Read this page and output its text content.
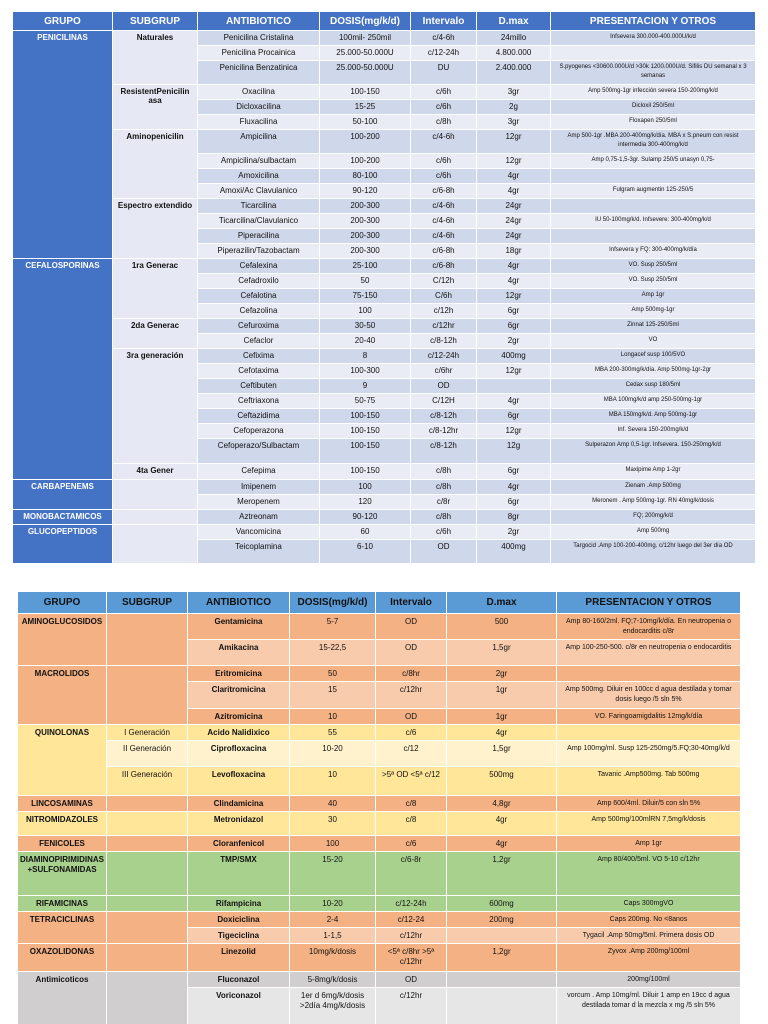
GRUPO	SUBGRUP	ANTIBIOTICO	DOSIS(mg/k/d)	Intervalo	D.max	PRESENTACION Y OTROS
PENICILINAS	Naturales	Penicilina Cristalina	100mil- 250mil	c/4-6h	24millo	Infsevera 300.000-400.000U/k/d
		Penicilina Procainica	25.000-50.000U	c/12-24h	4.800.000	
		Penicilina Benzatinica	25.000-50.000U	DU	2.400.000	S.pyogenes <30600.000U/d >30k 1200.000U/d. Sifilis DU semanal x 3 semanas
	ResistentPenicilin asa	Oxacilina	100-150	c/6h	3gr	Amp 500mg-1gr infección severa 150-200mg/k/d
		Dicloxacilina	15-25	c/6h	2g	Dicloxil 250/5ml
		Fluxacilina	50-100	c/8h	3gr	Floxapen 250/5ml
	Aminopenicilin	Ampicilina	100-200	c/4-6h	12gr	Amp 500-1gr .MBA 200-400mg/k/día. MBA x S.pneum con resist intermedia 300-400mg/k/d
		Ampicilina/sulbactam	100-200	c/6h	12gr	Amp 0,75-1,5-3gr. Sulamp 250/5 unasyn 0,75-
		Amoxicilina	80-100	c/6h	4gr	
		Amoxi/Ac Clavulanico	90-120	c/6-8h	4gr	Fulgram augmentin 125-250/5
	Espectro extendido	Ticarcilina	200-300	c/4-6h	24gr	
		Ticarcilina/Clavulanico	200-300	c/4-6h	24gr	IU 50-100mg/k/d. Infsevere: 300-400mg/k/d
		Piperacilina	200-300	c/4-6h	24gr	
		Piperazilin/Tazobactam	200-300	c/6-8h	18gr	Infsevera y FQ: 300-400mg/k/día
CEFALOSPORINAS	1ra Generac	Cefalexina	25-100	c/6-8h	4gr	VO. Susp 250/5ml
		Cefadroxilo	50	C/12h	4gr	VO. Susp 250/5ml
		Cefalotina	75-150	C/6h	12gr	Amp 1gr
		Cefazolina	100	c/12h	6gr	Amp 500mg-1gr
	2da Generac	Cefuroxima	30-50	c/12hr	6gr	Zinnat 125-250/5ml
		Cefaclor	20-40	c/8-12h	2gr	VO
	3ra generación	Cefixima	8	c/12-24h	400mg	Longacef susp 100/5VO
		Cefotaxima	100-300	c/6hr	12gr	MBA 200-300mg/k/día. Amp 500mg-1gr-2gr
		Ceftibuten	9	OD		Cedax susp 180/5ml
		Ceftriaxona	50-75	C/12H	4gr	MBA 100mg/k/d amp 250-500mg-1gr
		Ceftazidima	100-150	c/8-12h	6gr	MBA 150mg/k/d. Amp 500mg-1gr
		Cefoperazona	100-150	c/8-12hr	12gr	Inf. Severa 150-200mg/k/d
		Cefoperazo/Sulbactam	100-150	c/8-12h	12g	Sulperazon Amp 0,5-1gr. Infsevera. 150-250mg/k/d
	4ta Gener	Cefepima	100-150	c/8h	6gr	Maxipime Amp 1-2gr
CARBAPENEMS		Imipenem	100	c/8h	4gr	Zienam .Amp 500mg
		Meropenem	120	c/8r	6gr	Meronem . Amp 500mg-1gr. RN 40mg/k/dosis
MONOBACTAMICOS		Aztreonam	90-120	c/8h	8gr	FQ; 200mg/k/d
GLUCOPEPTIDOS		Vancomicina	60	c/6h	2gr	Amp 500mg
		Teicoplamina	6-10	OD	400mg	Targocid .Amp 100-200-400mg. c/12hr luego del 3er día OD
GRUPO	SUBGRUP	ANTIBIOTICO	DOSIS(mg/k/d)	Intervalo	D.max	PRESENTACION Y OTROS
AMINOGLUCOSIDOS		Gentamicina	5-7	OD	500	Amp 80-160/2ml. FQ;7-10mg/k/día. En neutropenia o endocarditis c/8r
		Amikacina	15-22,5	OD	1,5gr	Amp 100-250-500. c/8r en neutropenia o endocarditis
MACROLIDOS		Eritromicina	50	c/8hr	2gr	
		Claritromicina	15	c/12hr	1gr	Amp 500mg. Diluir en 100cc d agua destilada y tomar dosis luego /5 sln 5%
		Azitromicina	10	OD	1gr	VO. Faringoamigdalitis 12mg/k/día
QUINOLONAS	I Generación	Acido Nalidixico	55	c/6	4gr	
	II Generación	Ciprofloxacina	10-20	c/12	1,5gr	Amp 100mg/ml. Susp 125-250mg/5.FQ;30-40mg/k/d
	III Generación	Levofloxacina	10	>5ª OD <5ª c/12	500mg	Tavanic .Amp500mg. Tab 500mg
LINCOSAMINAS		Clindamicina	40	c/8	4,8gr	Amp 600/4ml. Diluir/5 con sln 5%
NITROMIDAZOLES		Metronidazol	30	c/8	4gr	Amp 500mg/100mlRN 7,5mg/k/dosis
FENICOLES		Cloranfenicol	100	c/6	4gr	Amp 1gr
DIAMINOPIRIMIDINAS+SULFONAMIDAS		TMP/SMX	15-20	c/6-8r	1,2gr	Amp 80/400/5ml. VO 5-10 c/12hr
RIFAMICINAS		Rifampicina	10-20	c/12-24h	600mg	Caps 300mgVO
TETRACICLINAS		Doxiciclina	2-4	c/12-24	200mg	Caps 200mg. No <8anos
		Tigeciclina	1-1,5	c/12hr		Tygacil .Amp 50mg/5ml. Primera dosis OD
OXAZOLIDONAS		Linezolid	10mg/k/dosis	<5ª c/8hr >5ª c/12hr	1,2gr	Zyvox .Amp 200mg/100ml
Antimicoticos		Fluconazol	5-8mg/k/dosis	OD		200mg/100ml
		Voriconazol	1er d 6mg/k/dosis >2día 4mg/k/dosis	c/12hr		vorcum . Amp 10mg/ml. Diluir 1 amp en 19cc d agua destilada tomar d la mezcla x mg /5 sln 5%
